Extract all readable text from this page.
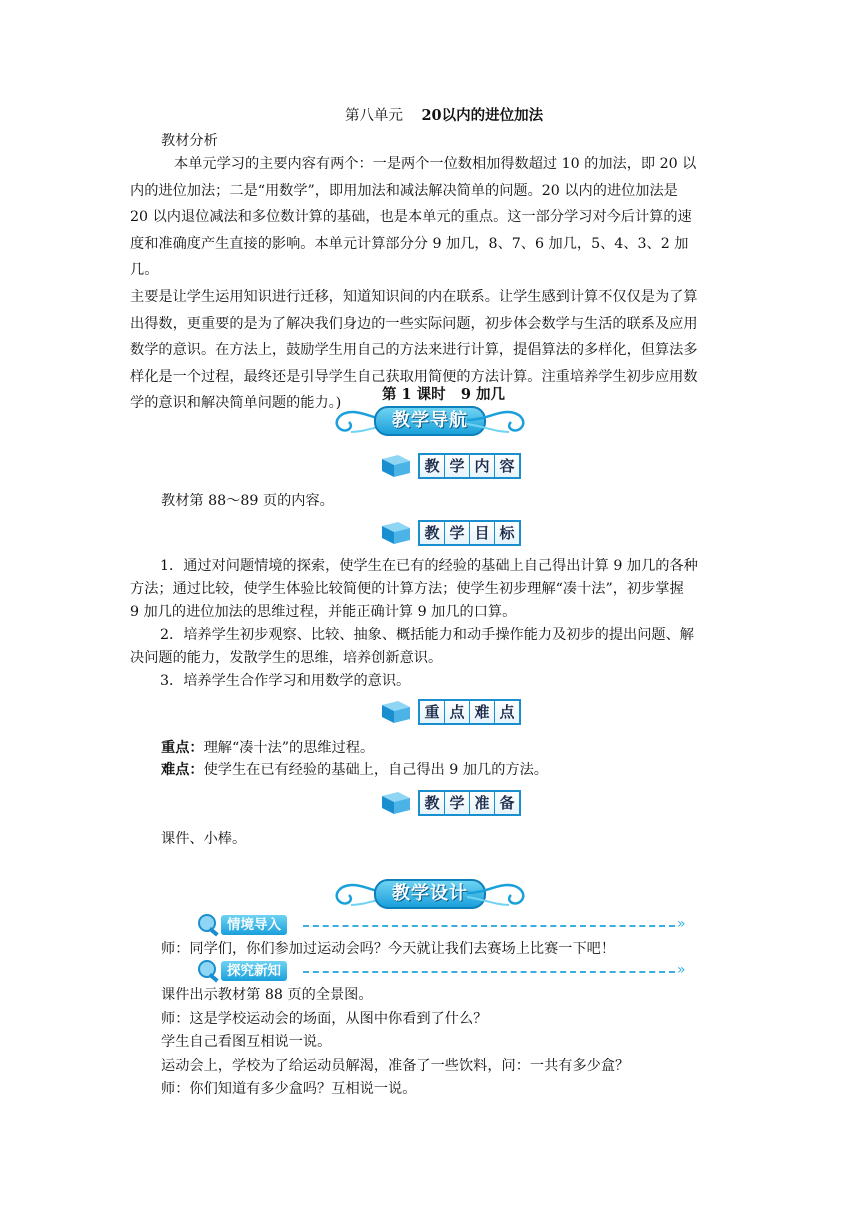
第八单元 20以内的进位加法
教材分析
本单元学习的主要内容有两个：一是两个一位数相加得数超过 10 的加法，即 20 以
内的进位加法；二是“用数学”，即用加法和减法解决简单的问题。20 以内的进位加法是
20 以内退位减法和多位数计算的基础，也是本单元的重点。这一部分学习对今后计算的速
度和准确度产生直接的影响。本单元计算部分分 9 加几，8、7、6 加几，5、4、3、2 加几。
主要是让学生运用知识进行迁移，知道知识间的内在联系。让学生感到计算不仅仅是为了算
出得数，更重要的是为了解决我们身边的一些实际问题，初步体会数学与生活的联系及应用
数学的意识。在方法上，鼓励学生用自己的方法来进行计算，提倡算法的多样化，但算法多
样化是一个过程，最终还是引导学生自己获取用简便的方法计算。注重培养学生初步应用数
学的意识和解决简单问题的能力。)
第 1 课时 9 加几
教学导航
教 学 内 容
教材第 88～89 页的内容。
教 学 目 标
1．通过对问题情境的探索，使学生在已有的经验的基础上自己得出计算 9 加几的各种
方法；通过比较，使学生体验比较简便的计算方法；使学生初步理解“凑十法”，初步掌握
9 加几的进位加法的思维过程，并能正确计算 9 加几的口算。
2．培养学生初步观察、比较、抽象、概括能力和动手操作能力及初步的提出问题、解
决问题的能力，发散学生的思维，培养创新意识。
3．培养学生合作学习和用数学的意识。
重 点 难 点
重点：理解“凑十法”的思维过程。
难点：使学生在已有经验的基础上，自己得出 9 加几的方法。
教 学 准 备
课件、小棒。
教学设计
情境导入	»
师：同学们，你们参加过运动会吗？今天就让我们去赛场上比赛一下吧！
探究新知	»
课件出示教材第 88 页的全景图。
师：这是学校运动会的场面，从图中你看到了什么？
学生自己看图互相说一说。
运动会上，学校为了给运动员解渴，准备了一些饮料，问：一共有多少盒？
师：你们知道有多少盒吗？互相说一说。
